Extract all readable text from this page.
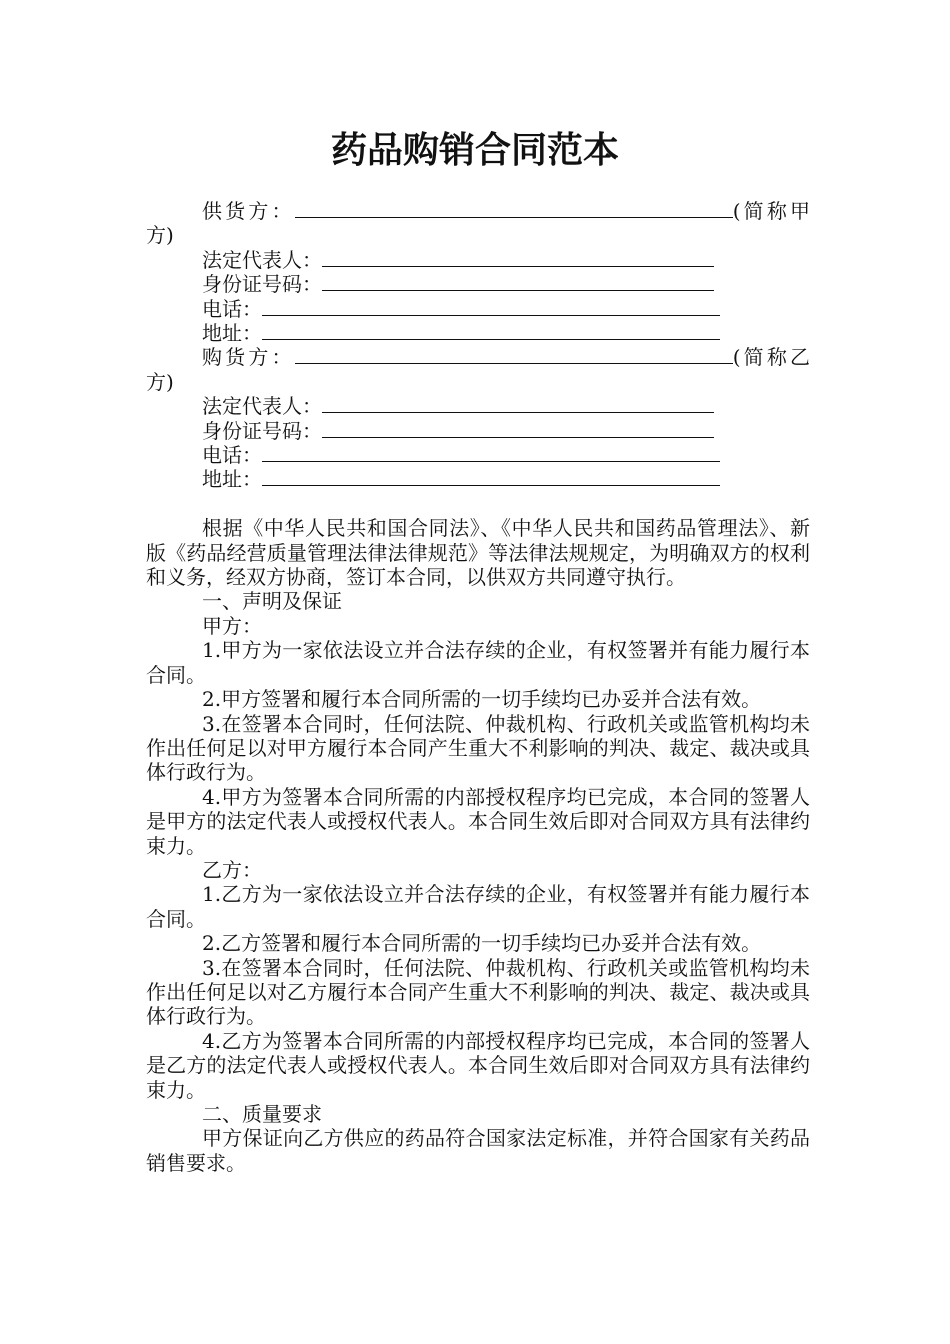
药品购销合同范本

供货方：	(简称甲方)

法定代表人：

身份证号码：

电话：

地址：

购货方：	(简称乙方)

法定代表人：

身份证号码：

电话：

地址：

根据《中华人民共和国合同法》、《中华人民共和国药品管理法》、新版《药品经营质量管理法律法律规范》等法律法规规定，为明确双方的权利和义务，经双方协商，签订本合同，以供双方共同遵守执行。

一、声明及保证

甲方：

1.甲方为一家依法设立并合法存续的企业，有权签署并有能力履行本合同。

2.甲方签署和履行本合同所需的一切手续均已办妥并合法有效。

3.在签署本合同时，任何法院、仲裁机构、行政机关或监管机构均未作出任何足以对甲方履行本合同产生重大不利影响的判决、裁定、裁决或具体行政行为。

4.甲方为签署本合同所需的内部授权程序均已完成，本合同的签署人是甲方的法定代表人或授权代表人。本合同生效后即对合同双方具有法律约束力。

乙方：

1.乙方为一家依法设立并合法存续的企业，有权签署并有能力履行本合同。

2.乙方签署和履行本合同所需的一切手续均已办妥并合法有效。

3.在签署本合同时，任何法院、仲裁机构、行政机关或监管机构均未作出任何足以对乙方履行本合同产生重大不利影响的判决、裁定、裁决或具体行政行为。

4.乙方为签署本合同所需的内部授权程序均已完成，本合同的签署人是乙方的法定代表人或授权代表人。本合同生效后即对合同双方具有法律约束力。

二、质量要求

甲方保证向乙方供应的药品符合国家法定标准，并符合国家有关药品销售要求。
